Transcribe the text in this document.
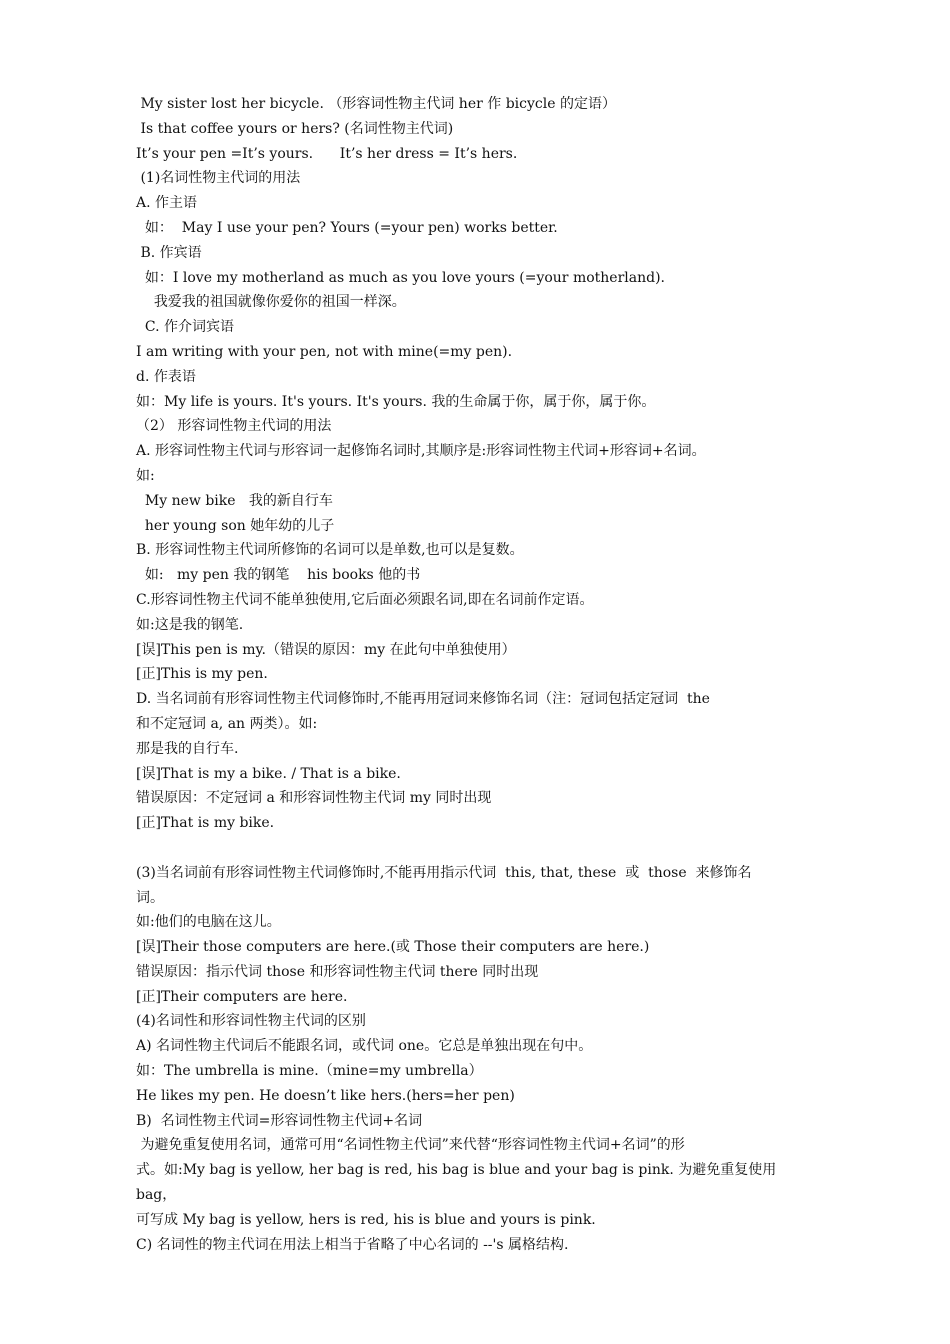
My sister lost her bicycle. （形容词性物主代词 her 作 bicycle 的定语）
Is that coffee yours or hers? (名词性物主代词)
It’s your pen =It’s yours.      It’s her dress = It’s hers.
(1)名词性物主代词的用法
A. 作主语
如：  May I use your pen? Yours (=your pen) works better.
B. 作宾语
如：I love my motherland as much as you love yours (=your motherland).
我爱我的祖国就像你爱你的祖国一样深。
C. 作介词宾语
I am writing with your pen, not with mine(=my pen).
d. 作表语
如：My life is yours. It's yours. It's yours. 我的生命属于你，属于你，属于你。
（2） 形容词性物主代词的用法
A. 形容词性物主代词与形容词一起修饰名词时,其顺序是:形容词性物主代词+形容词+名词。
如:
My new bike   我的新自行车
her young son 她年幼的儿子
B. 形容词性物主代词所修饰的名词可以是单数,也可以是复数。
如:   my pen 我的钢笔    his books 他的书
C.形容词性物主代词不能单独使用,它后面必须跟名词,即在名词前作定语。
如:这是我的钢笔.
[误]This pen is my.（错误的原因：my 在此句中单独使用）
[正]This is my pen.
D. 当名词前有形容词性物主代词修饰时,不能再用冠词来修饰名词（注：冠词包括定冠词  the
和不定冠词 a, an 两类）。如:
那是我的自行车.
[误]That is my a bike. / That is a bike.
错误原因：不定冠词 a 和形容词性物主代词 my 同时出现
[正]That is my bike.
(3)当名词前有形容词性物主代词修饰时,不能再用指示代词  this, that, these  或  those  来修饰名
词。
如:他们的电脑在这儿。
[误]Their those computers are here.(或 Those their computers are here.)
错误原因：指示代词 those 和形容词性物主代词 there 同时出现
[正]Their computers are here.
(4)名词性和形容词性物主代词的区别
A) 名词性物主代词后不能跟名词，或代词 one。它总是单独出现在句中。
如：The umbrella is mine.（mine=my umbrella）
He likes my pen. He doesn’t like hers.(hers=her pen)
B)  名词性物主代词=形容词性物主代词+名词
为避免重复使用名词，通常可用“名词性物主代词”来代替“形容词性物主代词+名词”的形
式。如:My bag is yellow, her bag is red, his bag is blue and your bag is pink. 为避免重复使用 bag，
可写成 My bag is yellow, hers is red, his is blue and yours is pink.
C) 名词性的物主代词在用法上相当于省略了中心名词的 --'s 属格结构.
